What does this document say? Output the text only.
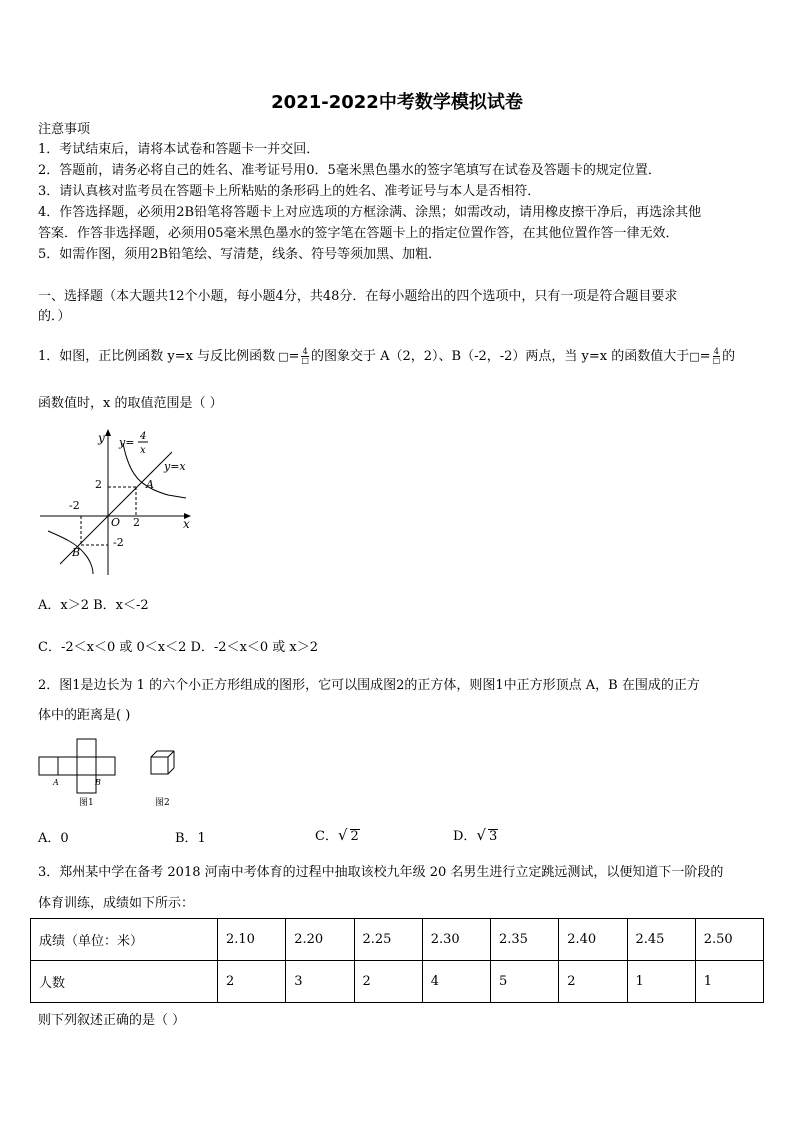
2021-2022中考数学模拟试卷
注意事项
1．考试结束后，请将本试卷和答题卡一并交回．
2．答题前，请务必将自己的姓名、准考证号用0．5毫米黑色墨水的签字笔填写在试卷及答题卡的规定位置．
3．请认真核对监考员在答题卡上所粘贴的条形码上的姓名、准考证号与本人是否相符．
4．作答选择题，必须用2B铅笔将答题卡上对应选项的方框涂满、涂黑；如需改动，请用橡皮擦干净后，再选涂其他
答案．作答非选择题，必须用05毫米黑色墨水的签字笔在答题卡上的指定位置作答，在其他位置作答一律无效．
5．如需作图，须用2B铅笔绘、写清楚，线条、符号等须加黑、加粗．
一、选择题（本大题共12个小题，每小题4分，共48分．在每小题给出的四个选项中，只有一项是符合题目要求
的．）
1．如图，正比例函数 y=x 与反比例函数 □= $\frac{4}{□}$ 的图象交于 A（2，2）、B（-2，-2）两点，当 y=x 的函数值大于□= $\frac{4}{□}$ 的
函数值时，x 的取值范围是（ ）
y
x
O
y= 4
x
y=x
2
2
-2
-2
A
B
A．x＞2 B．x＜-2
C．-2＜x＜0 或 0＜x＜2 D．-2＜x＜0 或 x＞2
2．图1是边长为 1 的六个小正方形组成的图形，它可以围成图2的正方体，则图1中正方形顶点 A，B 在围成的正方
体中的距离是( )
A	B
图1	图2
A．0	B．1	C．√ 2	D．√ 3
3．郑州某中学在备考 2018 河南中考体育的过程中抽取该校九年级 20 名男生进行立定跳远测试，以便知道下一阶段的
体育训练，成绩如下所示：
成绩（单位：米）	2.10	2.20	2.25	2.30	2.35	2.40	2.45	2.50
人数	2	3	2	4	5	2	1	1
则下列叙述正确的是（ ）
